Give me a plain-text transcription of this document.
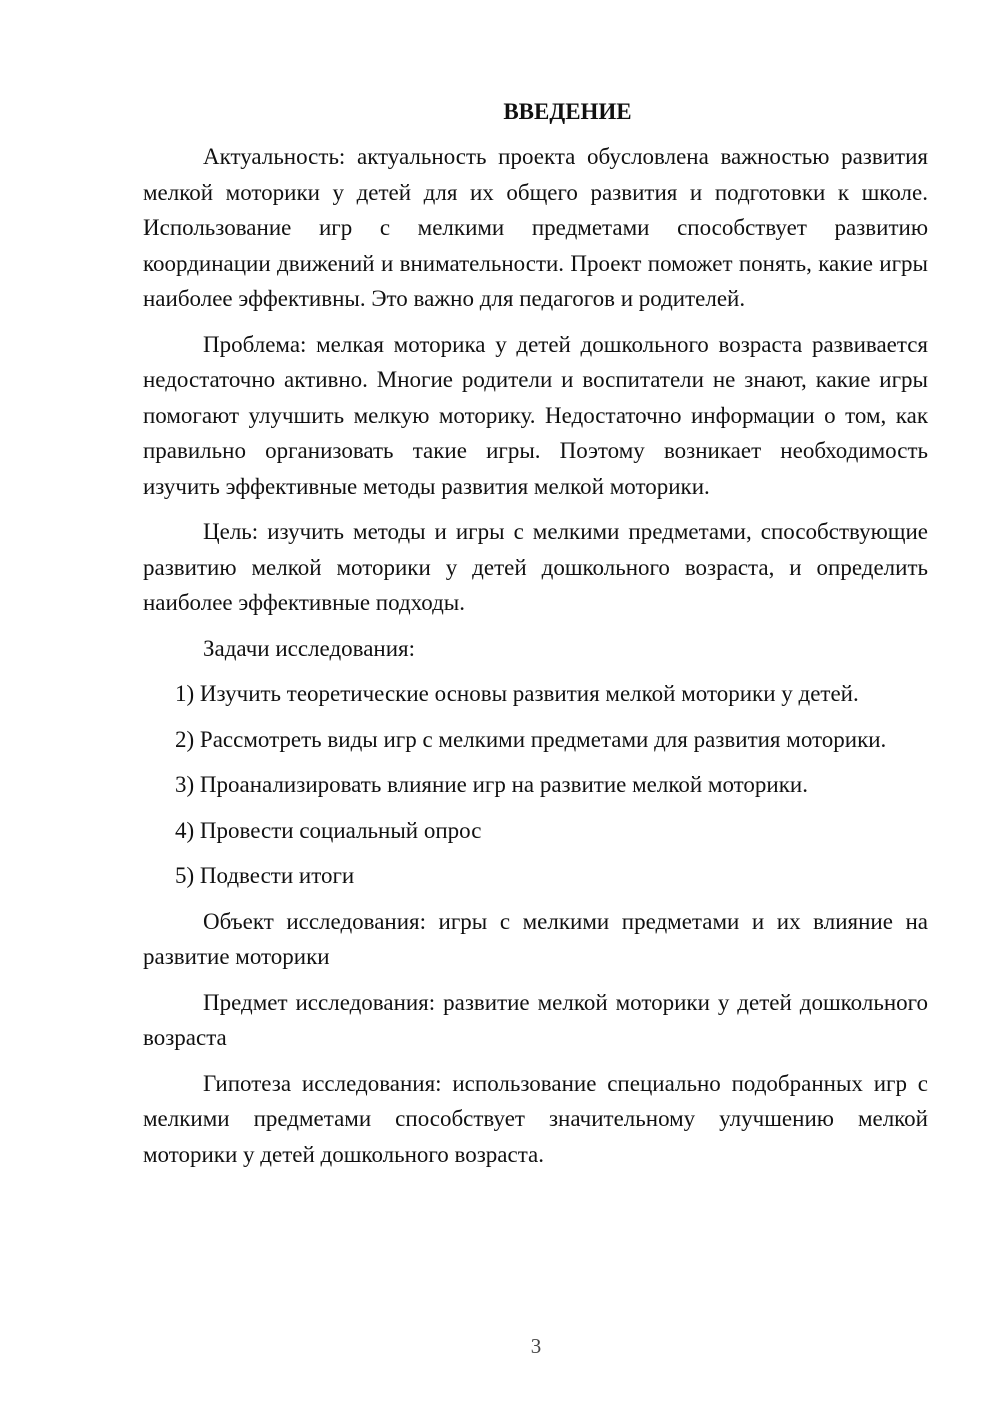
ВВЕДЕНИЕ

Актуальность: актуальность проекта обусловлена важностью развития мелкой моторики у детей для их общего развития и подготовки к школе. Использование игр с мелкими предметами способствует развитию координации движений и внимательности. Проект поможет понять, какие игры наиболее эффективны. Это важно для педагогов и родителей.

Проблема: мелкая моторика у детей дошкольного возраста развивается недостаточно активно. Многие родители и воспитатели не знают, какие игры помогают улучшить мелкую моторику. Недостаточно информации о том, как правильно организовать такие игры. Поэтому возникает необходимость изучить эффективные методы развития мелкой моторики.

Цель: изучить методы и игры с мелкими предметами, способствующие развитию мелкой моторики у детей дошкольного возраста, и определить наиболее эффективные подходы.

Задачи исследования:

1) Изучить теоретические основы развития мелкой моторики у детей.

2) Рассмотреть виды игр с мелкими предметами для развития моторики.

3) Проанализировать влияние игр на развитие мелкой моторики.

4) Провести социальный опрос

5) Подвести итоги

Объект исследования: игры с мелкими предметами и их влияние на развитие моторики

Предмет исследования: развитие мелкой моторики у детей дошкольного возраста

Гипотеза исследования: использование специально подобранных игр с мелкими предметами способствует значительному улучшению мелкой моторики у детей дошкольного возраста.

3
